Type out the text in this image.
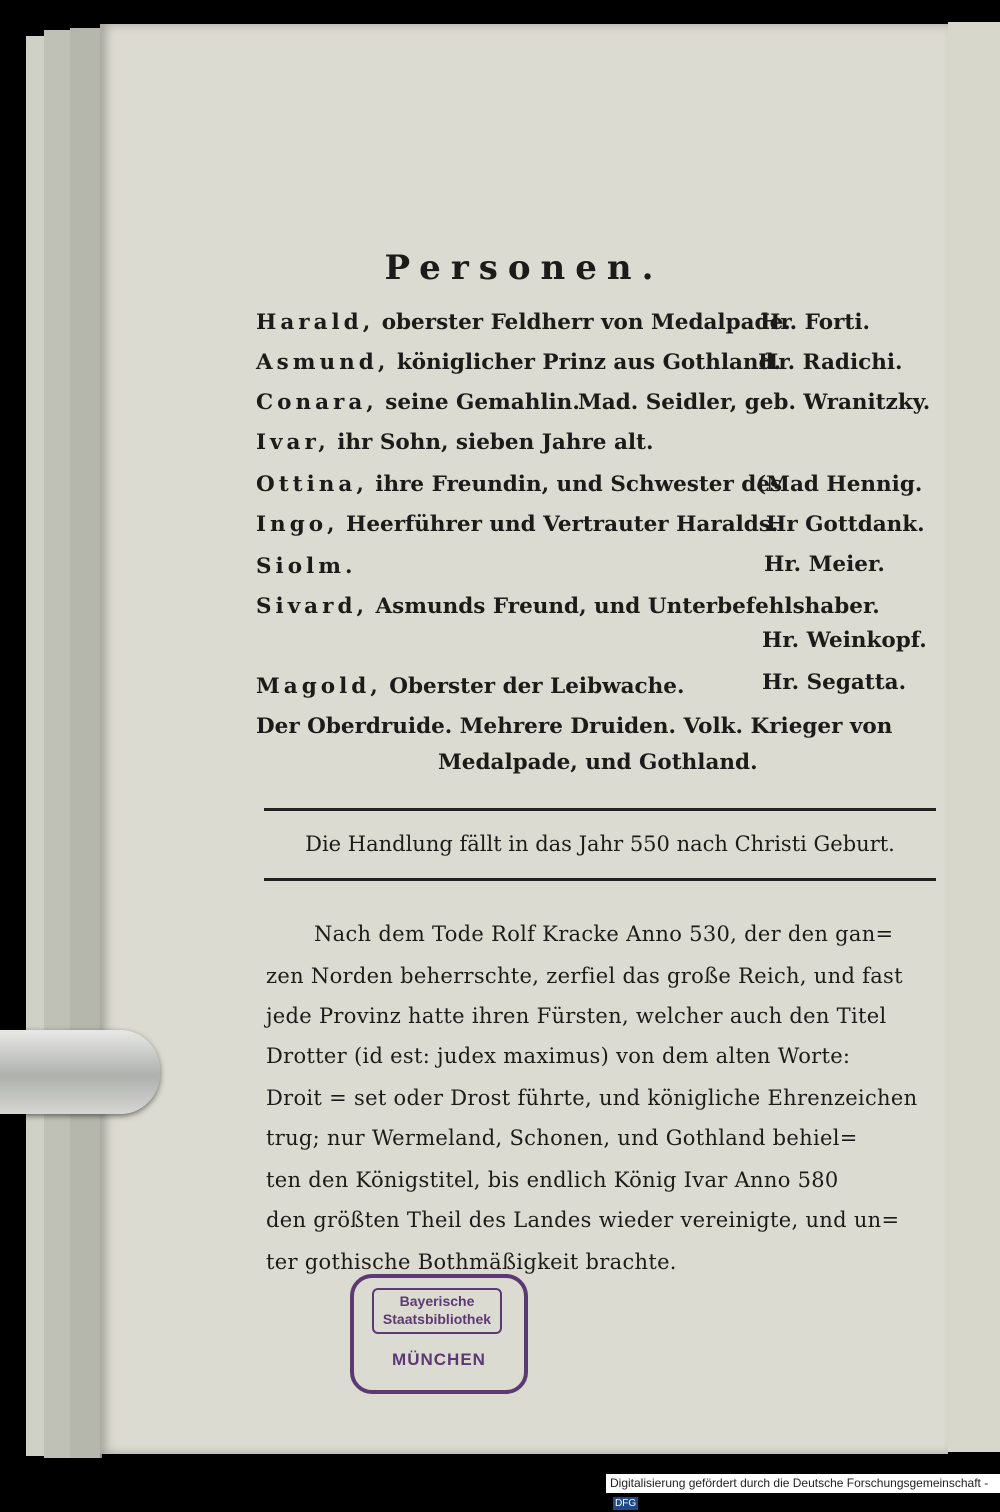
Personen.
Harald, oberster Feldherr von Medalpade.
Hr. Forti.
Asmund, königlicher Prinz aus Gothland.
Hr. Radichi.
Conara, seine Gemahlin.
Mad. Seidler, geb. Wranitzky.
Ivar, ihr Sohn, sieben Jahre alt.
Ottina, ihre Freundin, und Schwester des
(Mad Hennig.
Ingo, Heerführer und Vertrauter Haralds.
Hr Gottdank.
Siolm.	Hr. Meier.
Sivard, Asmunds Freund, und Unterbefehlshaber.
Hr. Weinkopf.
Magold, Oberster der Leibwache.	Hr. Segatta.
Der Oberdruide. Mehrere Druiden. Volk. Krieger von
Medalpade, und Gothland.
Die Handlung fällt in das Jahr 550 nach Christi Geburt.
Nach dem Tode Rolf Kracke Anno 530, der den gan=
zen Norden beherrschte, zerfiel das große Reich, und fast
jede Provinz hatte ihren Fürsten, welcher auch den Titel
Drotter (id est: judex maximus) von dem alten Worte:
Droit = set oder Drost führte, und königliche Ehrenzeichen
trug; nur Wermeland, Schonen, und Gothland behiel=
ten den Königstitel, bis endlich König Ivar Anno 580
den größten Theil des Landes wieder vereinigte, und un=
ter gothische Bothmäßigkeit brachte.
Bayerische
Staatsbibliothek
MÜNCHEN
Digitalisierung gefördert durch die Deutsche Forschungsgemeinschaft -DFG
